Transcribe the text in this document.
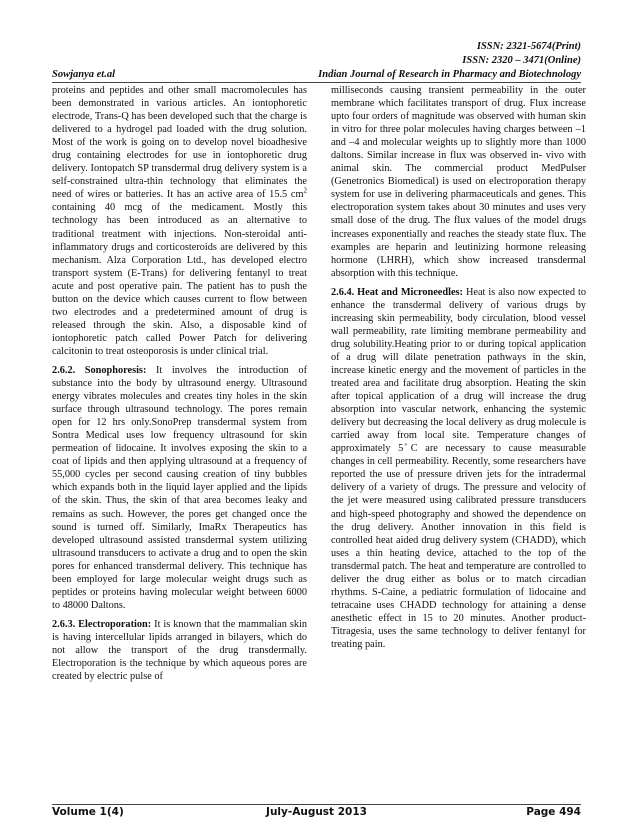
ISSN: 2321-5674(Print)
ISSN: 2320 – 3471(Online)
Sowjanya et.al	Indian Journal of Research in Pharmacy and Biotechnology

proteins and peptides and other small macromolecules has been demonstrated in various articles. An iontophoretic electrode, Trans-Q has been developed such that the charge is delivered to a hydrogel pad loaded with the drug solution. Most of the work is going on to develop novel bioadhesive drug containing electrodes for use in iontophoretic drug delivery. Iontopatch SP transdermal drug delivery system is a self-constrained ultra-thin technology that eliminates the need of wires or batteries. It has an active area of 15.5 $cm^2$ containing 40 mcg of the medicament. Mostly this technology has been introduced as an alternative to traditional treatment with injections. Non-steroidal anti-inflammatory drugs and corticosteroids are delivered by this mechanism. Alza Corporation Ltd., has developed electro transport system (E-Trans) for delivering fentanyl to treat acute and post operative pain. The patient has to push the button on the device which causes current to flow between two electrodes and a predetermined amount of drug is released through the skin. Also, a disposable kind of iontophoretic patch called Power Patch for delivering calcitonin to treat osteoporosis is under clinical trial.

2.6.2. Sonophoresis: It involves the introduction of substance into the body by ultrasound energy. Ultrasound energy vibrates molecules and creates tiny holes in the skin surface through ultrasound technology. The pores remain open for 12 hrs only.SonoPrep transdermal system from Sontra Medical uses low frequency ultrasound for skin permeation of lidocaine. It involves exposing the skin to a coat of lipids and then applying ultrasound at a frequency of 55,000 cycles per second causing creation of tiny bubbles which expands both in the liquid layer applied and the lipids of the skin. Thus, the skin of that area becomes leaky and remains as such. However, the pores get changed once the sound is turned off. Similarly, ImaRx Therapeutics has developed ultrasound assisted transdermal system utilizing ultrasound transducers to activate a drug and to open the skin pores for enhanced transdermal delivery. This technique has been employed for large molecular weight drugs such as peptides or proteins having molecular weight between 6000 to 48000 Daltons.

2.6.3. Electroporation: It is known that the mammalian skin is having intercellular lipids arranged in bilayers, which do not allow the transport of the drug transdermally. Electroporation is the technique by which aqueous pores are created by electric pulse of

milliseconds causing transient permeability in the outer membrane which facilitates transport of drug. Flux increase upto four orders of magnitude was observed with human skin in vitro for three polar molecules having charges between –1 and –4 and molecular weights up to slightly more than 1000 daltons. Similar increase in flux was observed in- vivo with animal skin. The commercial product MedPulser (Genetronics Biomedical) is used on electroporation therapy system for use in delivering pharmaceuticals and genes. This electroporation system takes about 30 minutes and uses very small dose of the drug. The flux values of the model drugs increases exponentially and reaches the steady state flux. The examples are heparin and leutinizing hormone releasing hormone (LHRH), which show increased transdermal absorption with this technique.

2.6.4. Heat and Microneedles: Heat is also now expected to enhance the transdermal delivery of various drugs by increasing skin permeability, body circulation, blood vessel wall permeability, rate limiting membrane permeability and drug solubility.Heating prior to or during topical application of a drug will dilate penetration pathways in the skin, increase kinetic energy and the movement of particles in the treated area and facilitate drug absorption. Heating the skin after topical application of a drug will increase the drug absorption into vascular network, enhancing the systemic delivery but decreasing the local delivery as drug molecule is carried away from local site. Temperature changes of approximately 5 ̊C are necessary to cause measurable changes in cell permeability. Recently, some researchers have reported the use of pressure driven jets for the intradermal delivery of a variety of drugs. The pressure and velocity of the jet were measured using calibrated pressure transducers and high-speed photography and showed the dependence on the drug delivery. Another innovation in this field is controlled heat aided drug delivery system (CHADD), which uses a thin heating device, attached to the top of the transdermal patch. The heat and temperature are controlled to deliver the drug either as bolus or to match circadian rhythms. S-Caine, a pediatric formulation of lidocaine and tetracaine uses CHADD technology for attaining a dense anesthetic effect in 15 to 20 minutes. Another product-Titragesia, uses the same technology to deliver fentanyl for treating pain.

Volume 1(4)	July-August 2013	Page 494
